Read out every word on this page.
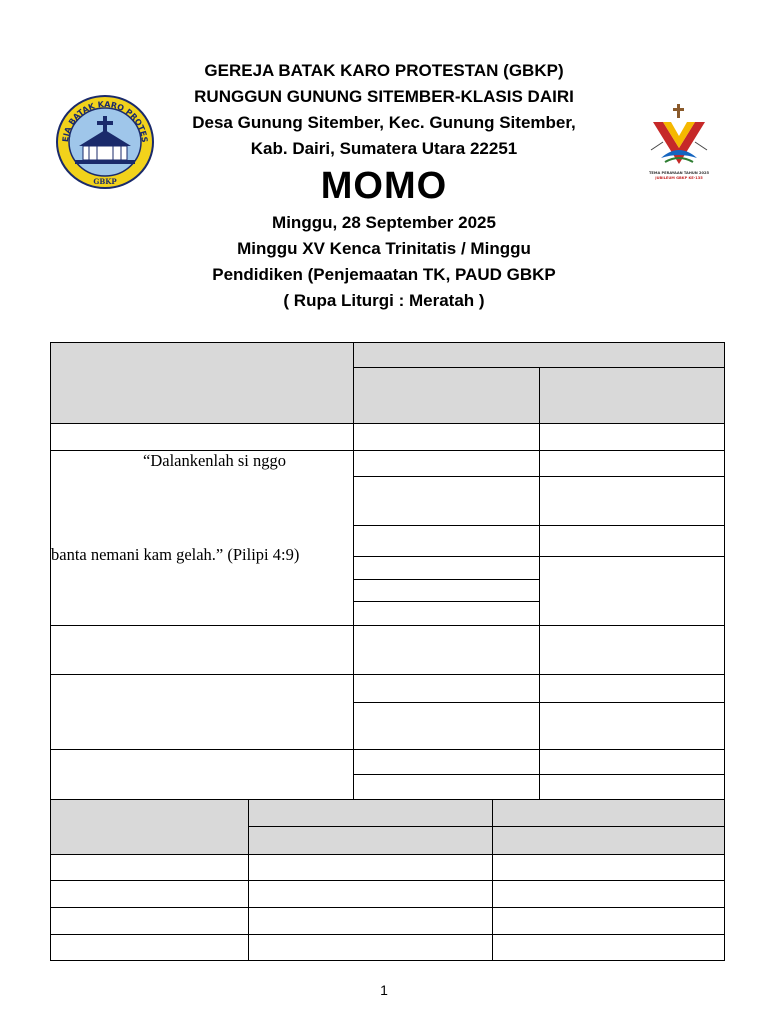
GEREJA BATAK KARO PROTESTAN (GBKP)
RUNGGUN GUNUNG SITEMBER-KLASIS DAIRI
Desa Gunung Sitember, Kec. Gunung Sitember,
Kab. Dairi, Sumatera Utara 22251
MOMO
Minggu, 28 September 2025
Minggu XV Kenca Trinitatis / Minggu
Pendidiken (Penjemaatan TK, PAUD GBKP
( Rupa Liturgi : Meratah )
EJA BATAK KARO PROTES
GBKP
TEMA PERAYAAN TAHUN 2025
JUBILEUM GBKP KE-135
“Dalankenlah si nggo
banta nemani kam gelah.” (Pilipi 4:9)
1
